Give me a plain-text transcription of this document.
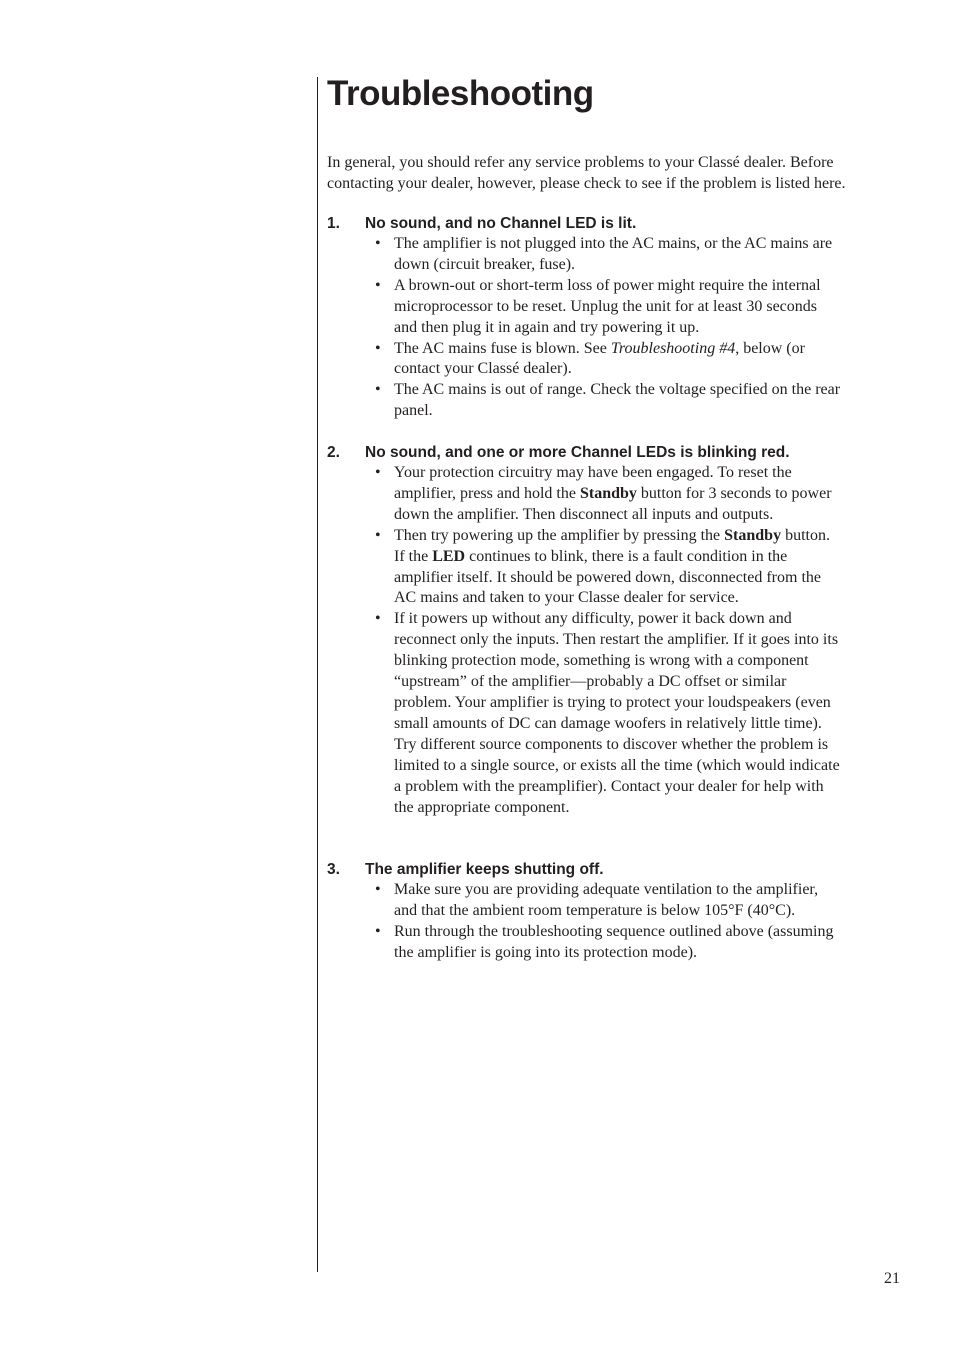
Troubleshooting

In general, you should refer any service problems to your Classé dealer. Before contacting your dealer, however, please check to see if the problem is listed here.

1. No sound, and no Channel LED is lit.
• The amplifier is not plugged into the AC mains, or the AC mains are down (circuit breaker, fuse).
• A brown-out or short-term loss of power might require the internal microprocessor to be reset. Unplug the unit for at least 30 seconds and then plug it in again and try powering it up.
• The AC mains fuse is blown. See Troubleshooting #4, below (or contact your Classé dealer).
• The AC mains is out of range. Check the voltage specified on the rear panel.
2. No sound, and one or more Channel LEDs is blinking red.
• Your protection circuitry may have been engaged. To reset the amplifier, press and hold the Standby button for 3 seconds to power down the amplifier. Then disconnect all inputs and outputs.
• Then try powering up the amplifier by pressing the Standby button. If the LED continues to blink, there is a fault condition in the amplifier itself. It should be powered down, disconnected from the AC mains and taken to your Classe dealer for service.
• If it powers up without any difficulty, power it back down and reconnect only the inputs. Then restart the amplifier. If it goes into its blinking protection mode, something is wrong with a component “upstream” of the amplifier—probably a DC offset or similar problem. Your amplifier is trying to protect your loudspeakers (even small amounts of DC can damage woofers in relatively little time). Try different source components to discover whether the problem is limited to a single source, or exists all the time (which would indicate a problem with the preamplifier). Contact your dealer for help with the appropriate component.
3. The amplifier keeps shutting off.
• Make sure you are providing adequate ventilation to the amplifier, and that the ambient room temperature is below 105°F (40°C).
• Run through the troubleshooting sequence outlined above (assuming the amplifier is going into its protection mode).
21
